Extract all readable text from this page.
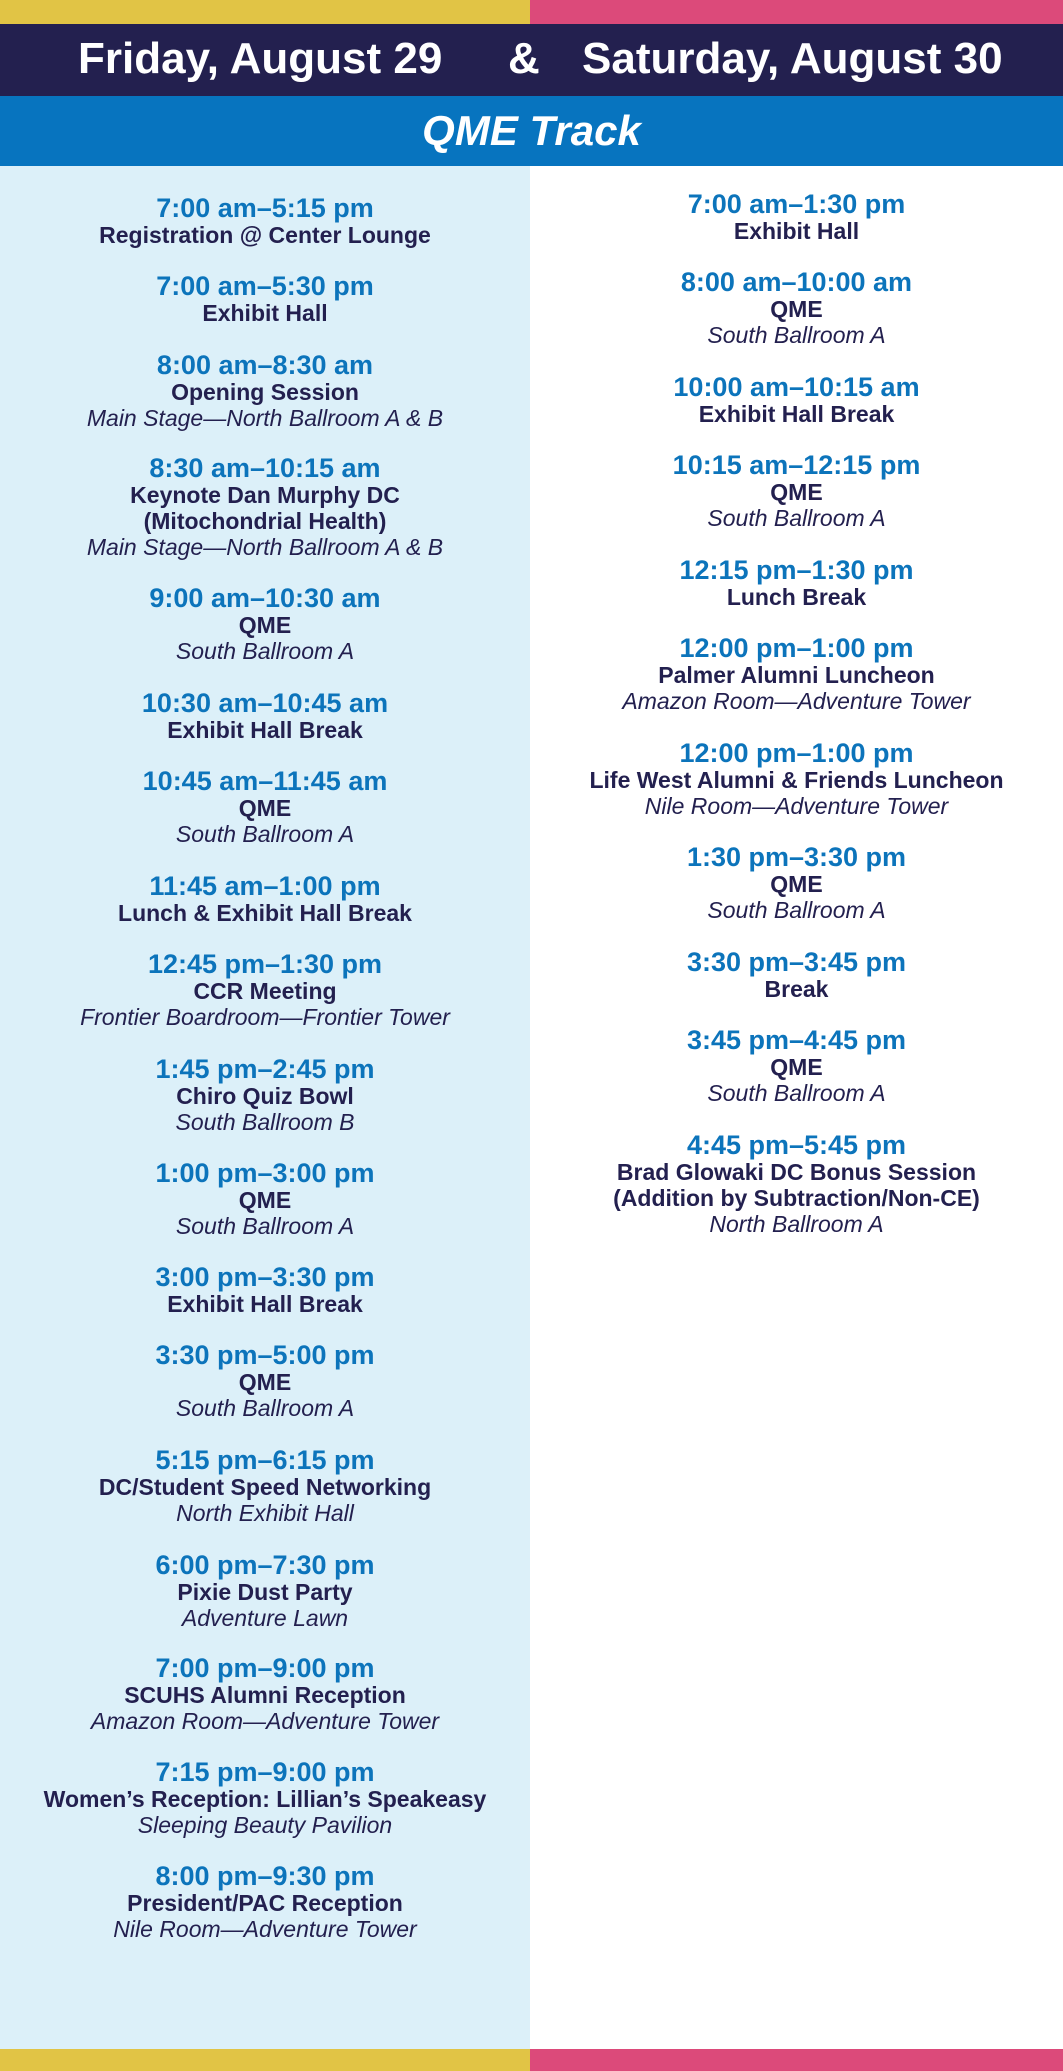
Friday, August 29 & Saturday, August 30
QME Track
7:00 am–5:15 pm
Registration @ Center Lounge
7:00 am–5:30 pm
Exhibit Hall
8:00 am–8:30 am
Opening Session
Main Stage—North Ballroom A & B
8:30 am–10:15 am
Keynote Dan Murphy DC
(Mitochondrial Health)
Main Stage—North Ballroom A & B
9:00 am–10:30 am
QME
South Ballroom A
10:30 am–10:45 am
Exhibit Hall Break
10:45 am–11:45 am
QME
South Ballroom A
11:45 am–1:00 pm
Lunch & Exhibit Hall Break
12:45 pm–1:30 pm
CCR Meeting
Frontier Boardroom—Frontier Tower
1:45 pm–2:45 pm
Chiro Quiz Bowl
South Ballroom B
1:00 pm–3:00 pm
QME
South Ballroom A
3:00 pm–3:30 pm
Exhibit Hall Break
3:30 pm–5:00 pm
QME
South Ballroom A
5:15 pm–6:15 pm
DC/Student Speed Networking
North Exhibit Hall
6:00 pm–7:30 pm
Pixie Dust Party
Adventure Lawn
7:00 pm–9:00 pm
SCUHS Alumni Reception
Amazon Room—Adventure Tower
7:15 pm–9:00 pm
Women’s Reception: Lillian’s Speakeasy
Sleeping Beauty Pavilion
8:00 pm–9:30 pm
President/PAC Reception
Nile Room—Adventure Tower
7:00 am–1:30 pm
Exhibit Hall
8:00 am–10:00 am
QME
South Ballroom A
10:00 am–10:15 am
Exhibit Hall Break
10:15 am–12:15 pm
QME
South Ballroom A
12:15 pm–1:30 pm
Lunch Break
12:00 pm–1:00 pm
Palmer Alumni Luncheon
Amazon Room—Adventure Tower
12:00 pm–1:00 pm
Life West Alumni & Friends Luncheon
Nile Room—Adventure Tower
1:30 pm–3:30 pm
QME
South Ballroom A
3:30 pm–3:45 pm
Break
3:45 pm–4:45 pm
QME
South Ballroom A
4:45 pm–5:45 pm
Brad Glowaki DC Bonus Session
(Addition by Subtraction/Non-CE)
North Ballroom A
